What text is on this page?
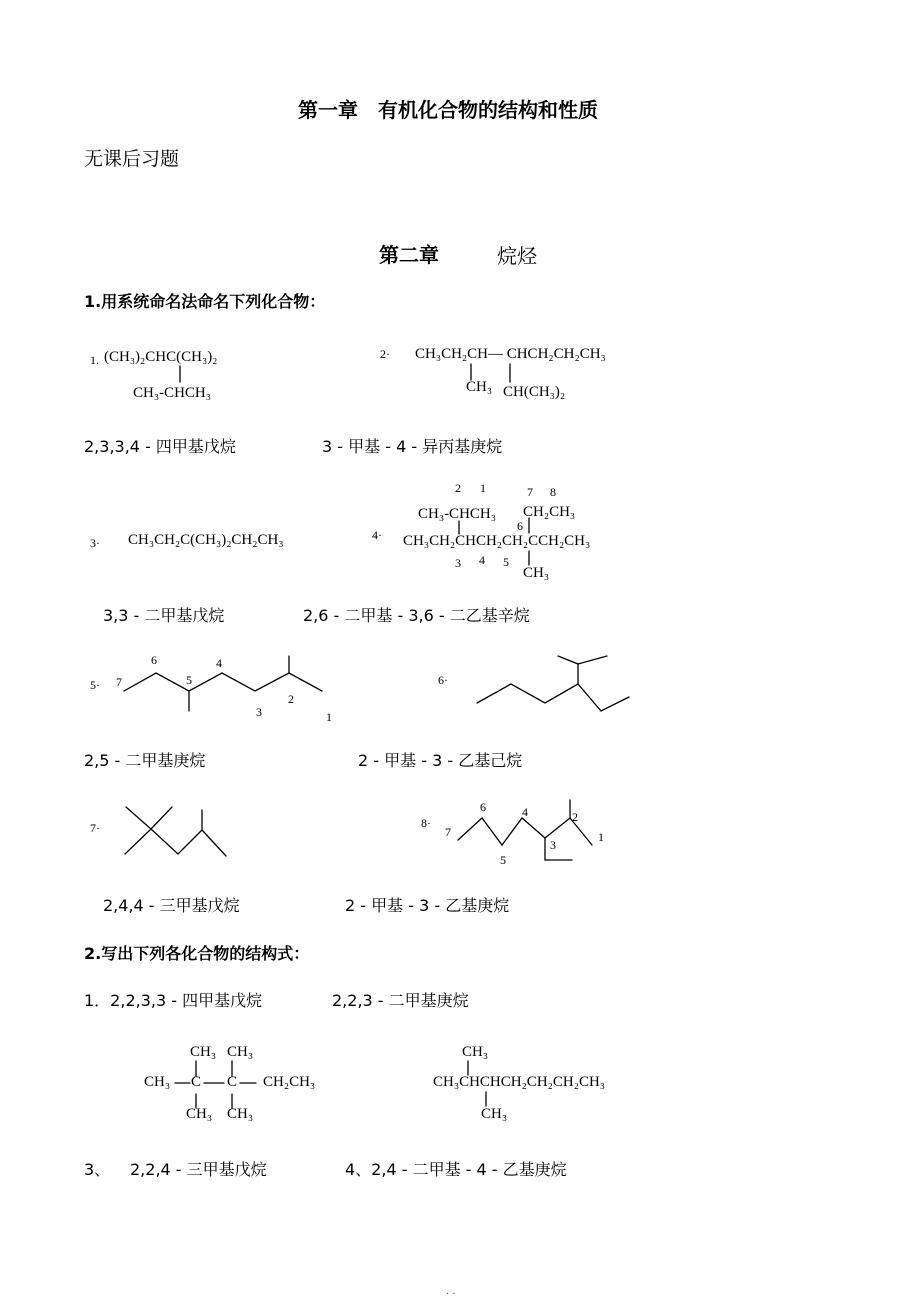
第一章　有机化合物的结构和性质
无课后习题
第二章	烷烃
1.用系统命名法命名下列化合物：
1. (CH₃)₂CHC(CH₃)₂
CH₃-CHCH₃
2,3,3,4 - 四甲基戊烷
2· CH₃CH₂CH— CHCH₂CH₂CH₃
CH₃ CH(CH₃)₂
3 - 甲基 - 4 - 异丙基庚烷
3· CH₃CH₂C(CH₃)₂CH₂CH₃
3,3 - 二甲基戊烷
4·
2 1	7 8
CH₃-CHCH₃ CH₂CH₃
6
CH₃CH₂CHCH₂CH₂CCH₂CH₃
3 4 5
CH₃
2,6 - 二甲基 - 3,6 - 二乙基辛烷
5· 7
6
5
4
3
2
1
2,5 - 二甲基庚烷
6·
2 - 甲基 - 3 - 乙基己烷
7·
2,4,4 - 三甲基戊烷
8·
7
6
5
4
3
2
1
2 - 甲基 - 3 - 乙基庚烷
2.写出下列各化合物的结构式：
1．2,2,3,3 - 四甲基戊烷	2,2,3 - 二甲基庚烷
CH₃ CH₃
CH₃ C C CH₂CH₃
CH₃ CH₃
CH₃
CH₃CHCHCH₂CH₂CH₂CH₃
CH₃
3、 2,2,4 - 三甲基戊烷	4、2,4 - 二甲基 - 4 - 乙基庚烷
. .
